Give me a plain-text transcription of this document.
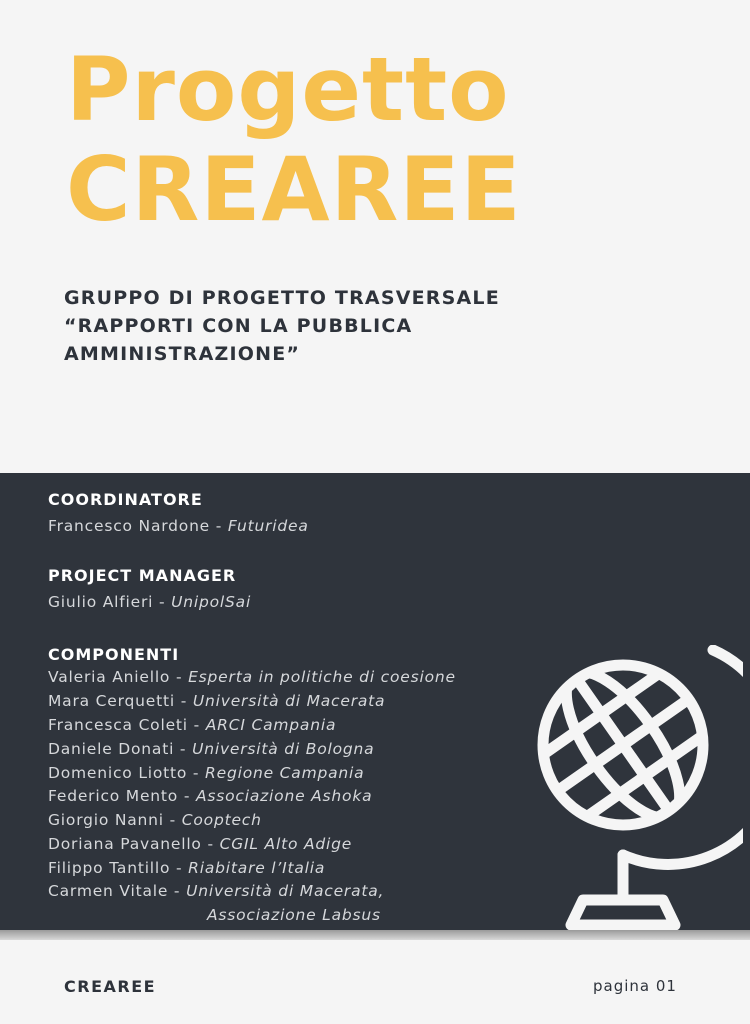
Progetto
CREAREE
GRUPPO DI PROGETTO TRASVERSALE
“RAPPORTI CON LA PUBBLICA
AMMINISTRAZIONE”
COORDINATORE
Francesco Nardone - Futuridea
PROJECT MANAGER
Giulio Alfieri - UnipolSai
COMPONENTI
Valeria Aniello - Esperta in politiche di coesione
Mara Cerquetti - Università di Macerata
Francesca Coleti - ARCI Campania
Daniele Donati - Università di Bologna
Domenico Liotto - Regione Campania
Federico Mento - Associazione Ashoka
Giorgio Nanni - Cooptech
Doriana Pavanello - CGIL Alto Adige
Filippo Tantillo - Riabitare l’Italia
Carmen Vitale - Università di Macerata,
Associazione Labsus
CREAREE	pagina 01
